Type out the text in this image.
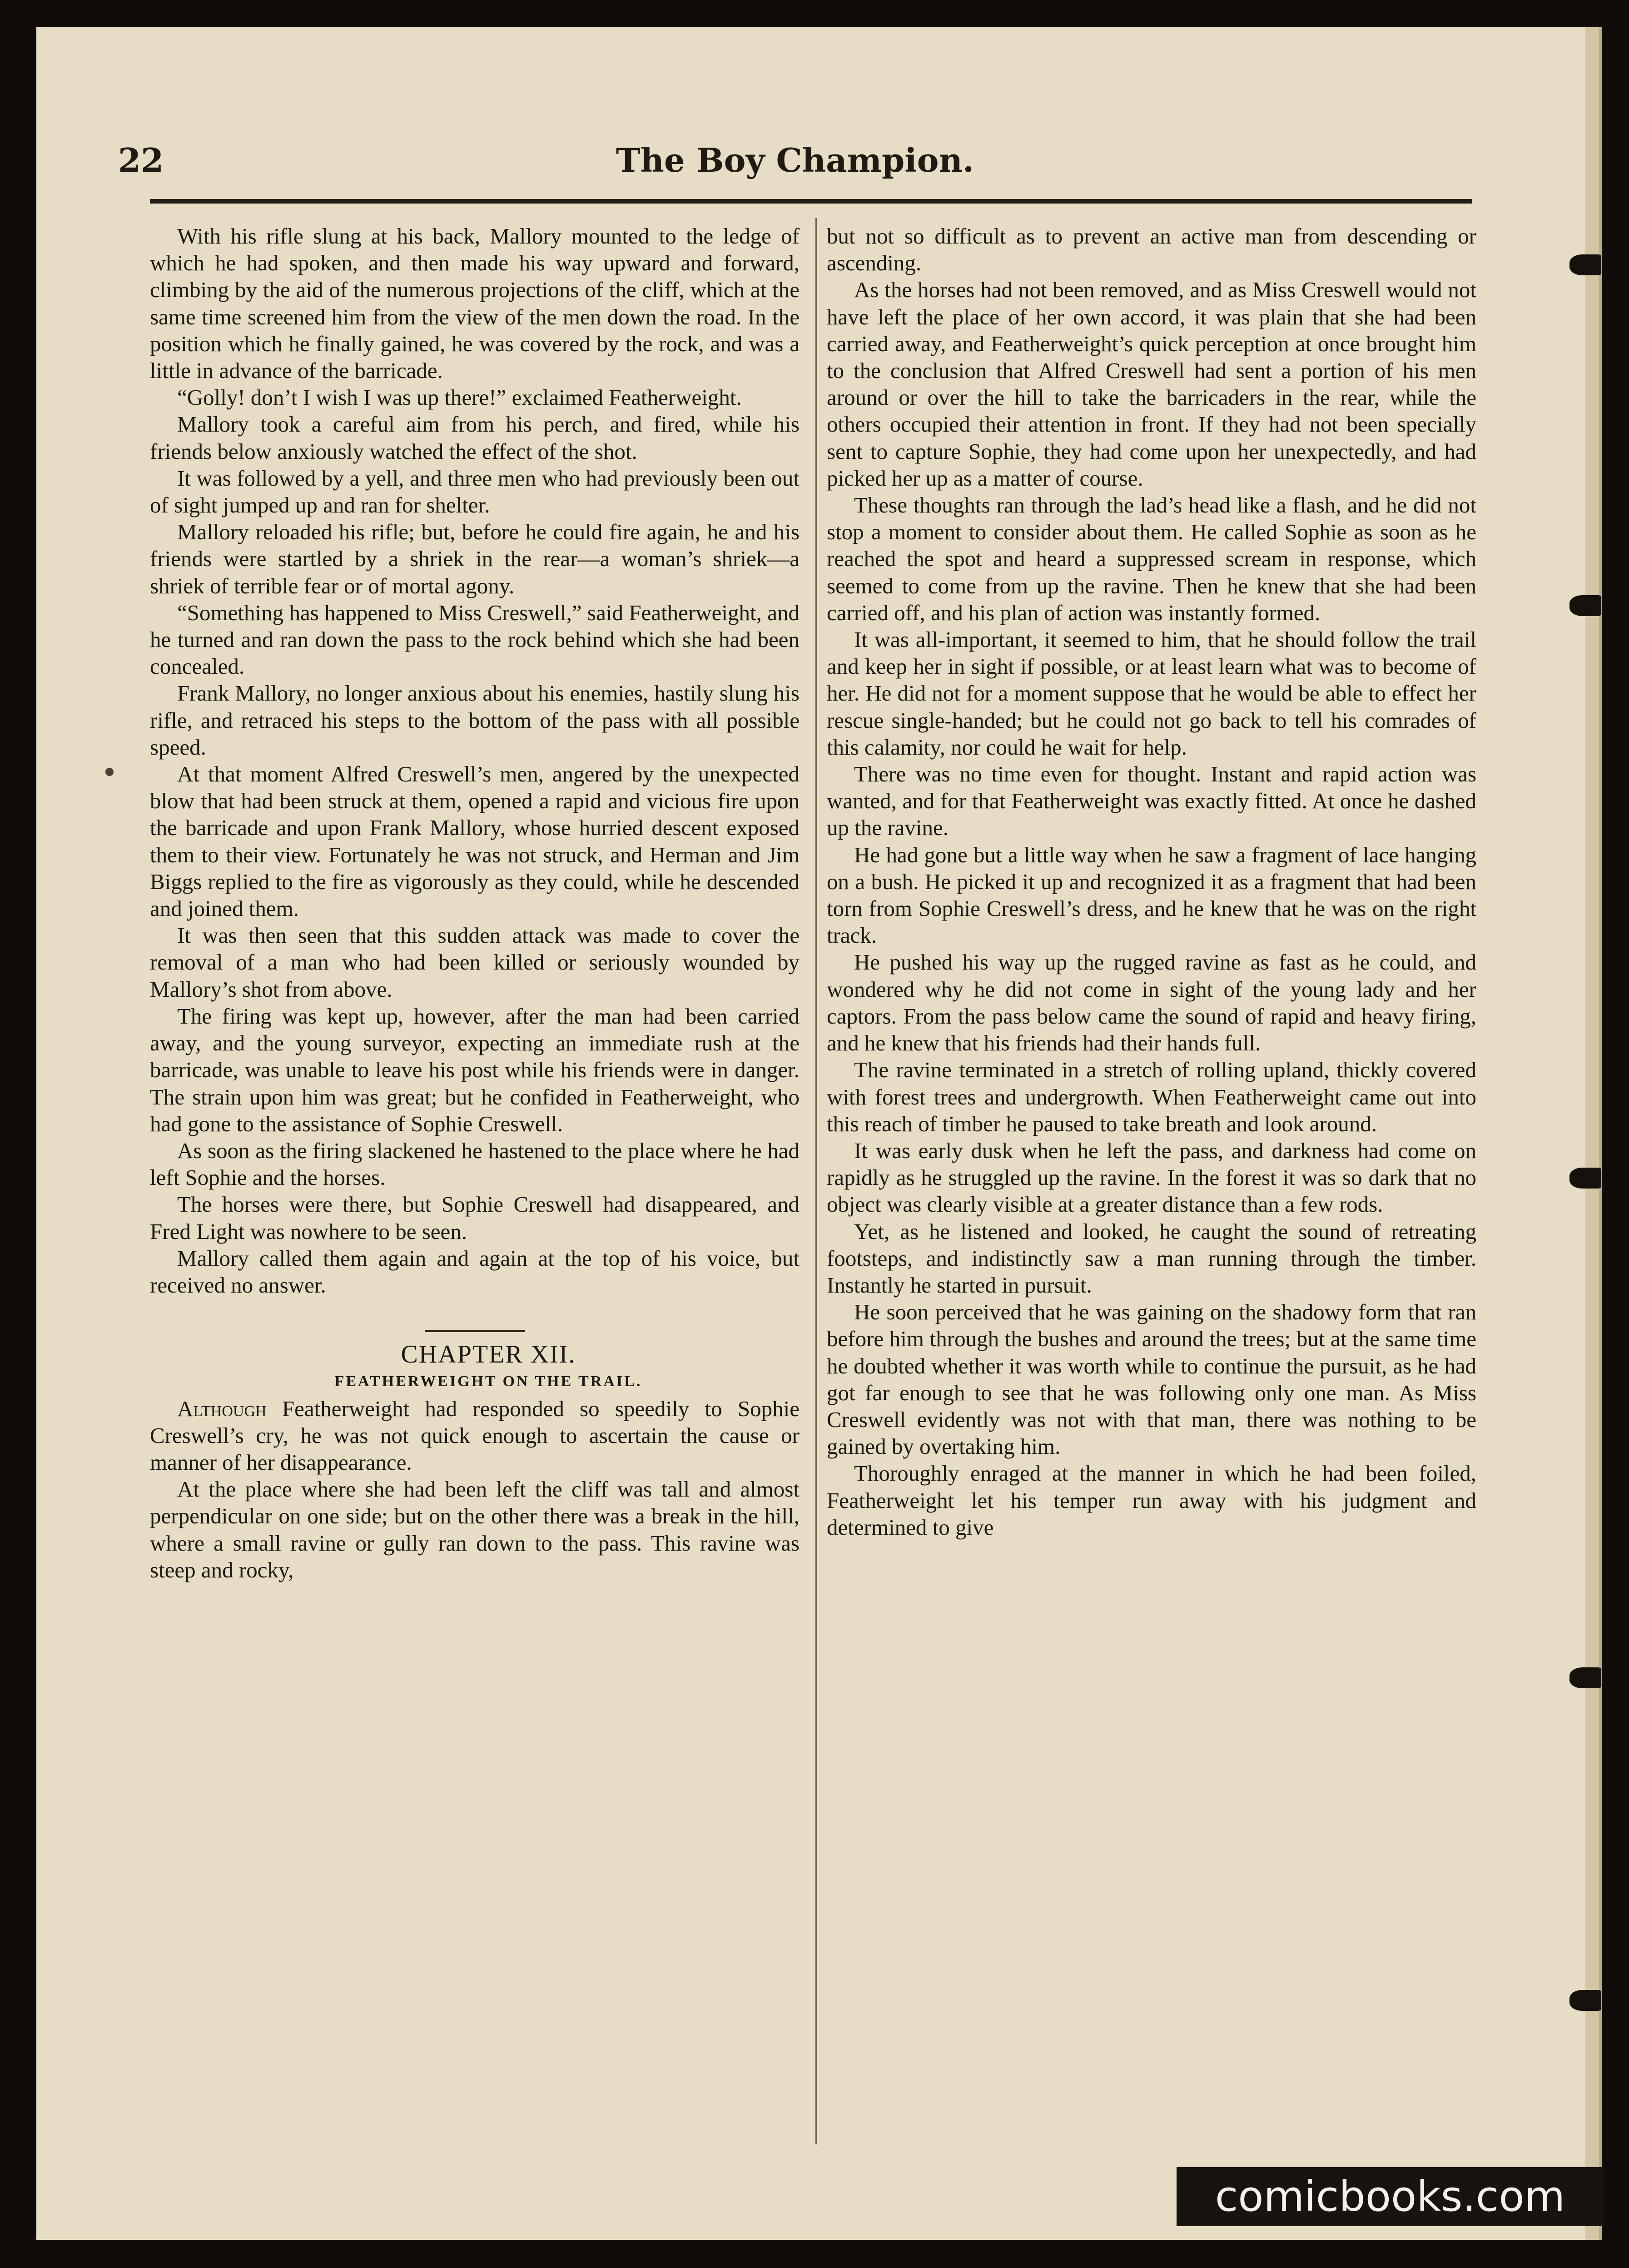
22	The Boy Champion.

With his rifle slung at his back, Mallory mounted to the ledge of which he had spoken, and then made his way upward and forward, climbing by the aid of the numerous projections of the cliff, which at the same time screened him from the view of the men down the road. In the position which he finally gained, he was covered by the rock, and was a little in advance of the barricade.

“Golly! don’t I wish I was up there!” exclaimed Featherweight.

Mallory took a careful aim from his perch, and fired, while his friends below anxiously watched the effect of the shot.

It was followed by a yell, and three men who had previously been out of sight jumped up and ran for shelter.

Mallory reloaded his rifle; but, before he could fire again, he and his friends were startled by a shriek in the rear—a woman’s shriek—a shriek of terrible fear or of mortal agony.

“Something has happened to Miss Creswell,” said Featherweight, and he turned and ran down the pass to the rock behind which she had been concealed.

Frank Mallory, no longer anxious about his enemies, hastily slung his rifle, and retraced his steps to the bottom of the pass with all possible speed.

At that moment Alfred Creswell’s men, angered by the unexpected blow that had been struck at them, opened a rapid and vicious fire upon the barricade and upon Frank Mallory, whose hurried descent exposed them to their view. Fortunately he was not struck, and Herman and Jim Biggs replied to the fire as vigorously as they could, while he descended and joined them.

It was then seen that this sudden attack was made to cover the removal of a man who had been killed or seriously wounded by Mallory’s shot from above.

The firing was kept up, however, after the man had been carried away, and the young surveyor, expecting an immediate rush at the barricade, was unable to leave his post while his friends were in danger. The strain upon him was great; but he confided in Featherweight, who had gone to the assistance of Sophie Creswell.

As soon as the firing slackened he hastened to the place where he had left Sophie and the horses.

The horses were there, but Sophie Creswell had disappeared, and Fred Light was nowhere to be seen.

Mallory called them again and again at the top of his voice, but received no answer.

CHAPTER XII.

FEATHERWEIGHT ON THE TRAIL.

Although Featherweight had responded so speedily to Sophie Creswell’s cry, he was not quick enough to ascertain the cause or manner of her disappearance.

At the place where she had been left the cliff was tall and almost perpendicular on one side; but on the other there was a break in the hill, where a small ravine or gully ran down to the pass. This ravine was steep and rocky,

but not so difficult as to prevent an active man from descending or ascending.

As the horses had not been removed, and as Miss Creswell would not have left the place of her own accord, it was plain that she had been carried away, and Featherweight’s quick perception at once brought him to the conclusion that Alfred Creswell had sent a portion of his men around or over the hill to take the barricaders in the rear, while the others occupied their attention in front. If they had not been specially sent to capture Sophie, they had come upon her unexpectedly, and had picked her up as a matter of course.

These thoughts ran through the lad’s head like a flash, and he did not stop a moment to consider about them. He called Sophie as soon as he reached the spot and heard a suppressed scream in response, which seemed to come from up the ravine. Then he knew that she had been carried off, and his plan of action was instantly formed.

It was all-important, it seemed to him, that he should follow the trail and keep her in sight if possible, or at least learn what was to become of her. He did not for a moment suppose that he would be able to effect her rescue single-handed; but he could not go back to tell his comrades of this calamity, nor could he wait for help.

There was no time even for thought. Instant and rapid action was wanted, and for that Featherweight was exactly fitted. At once he dashed up the ravine.

He had gone but a little way when he saw a fragment of lace hanging on a bush. He picked it up and recognized it as a fragment that had been torn from Sophie Creswell’s dress, and he knew that he was on the right track.

He pushed his way up the rugged ravine as fast as he could, and wondered why he did not come in sight of the young lady and her captors. From the pass below came the sound of rapid and heavy firing, and he knew that his friends had their hands full.

The ravine terminated in a stretch of rolling upland, thickly covered with forest trees and undergrowth. When Featherweight came out into this reach of timber he paused to take breath and look around.

It was early dusk when he left the pass, and darkness had come on rapidly as he struggled up the ravine. In the forest it was so dark that no object was clearly visible at a greater distance than a few rods.

Yet, as he listened and looked, he caught the sound of retreating footsteps, and indistinctly saw a man running through the timber. Instantly he started in pursuit.

He soon perceived that he was gaining on the shadowy form that ran before him through the bushes and around the trees; but at the same time he doubted whether it was worth while to continue the pursuit, as he had got far enough to see that he was following only one man. As Miss Creswell evidently was not with that man, there was nothing to be gained by overtaking him.

Thoroughly enraged at the manner in which he had been foiled, Featherweight let his temper run away with his judgment and determined to give

comicbooks.com
